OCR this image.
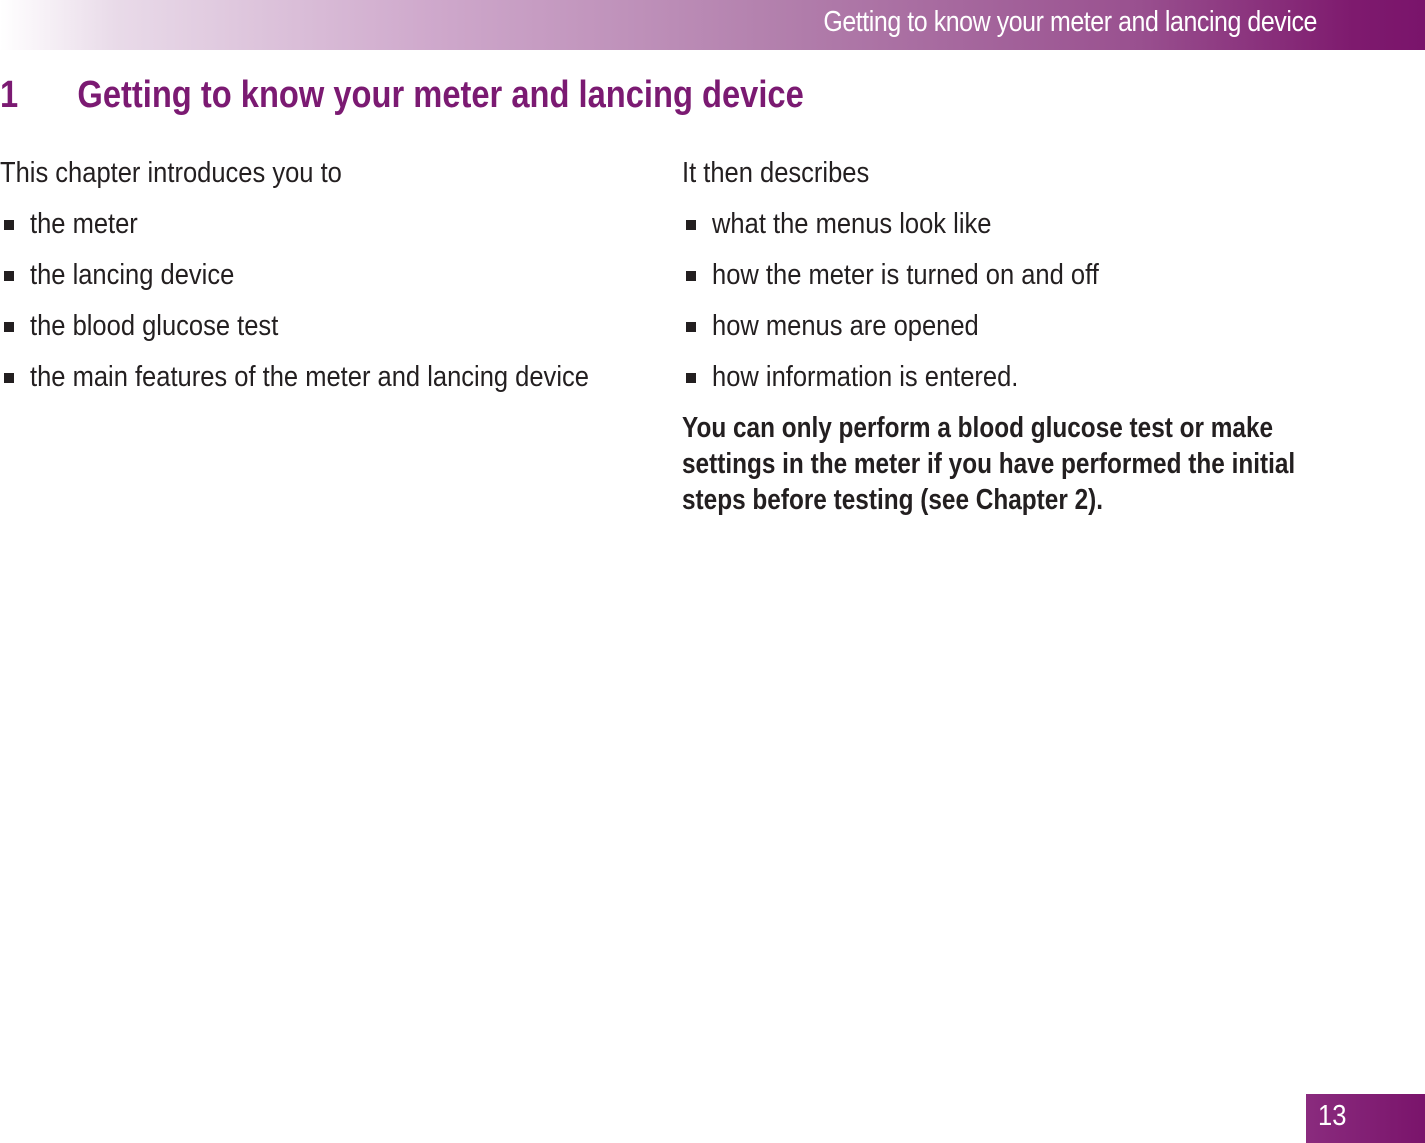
Getting to know your meter and lancing device
1 Getting to know your meter and lancing device

This chapter introduces you to

the meter
the lancing device
the blood glucose test
the main features of the meter and lancing device

It then describes

what the menus look like
how the meter is turned on and off
how menus are opened
how information is entered.
You can only perform a blood glucose test or make settings in the meter if you have performed the initial steps before testing (see Chapter 2).
13
